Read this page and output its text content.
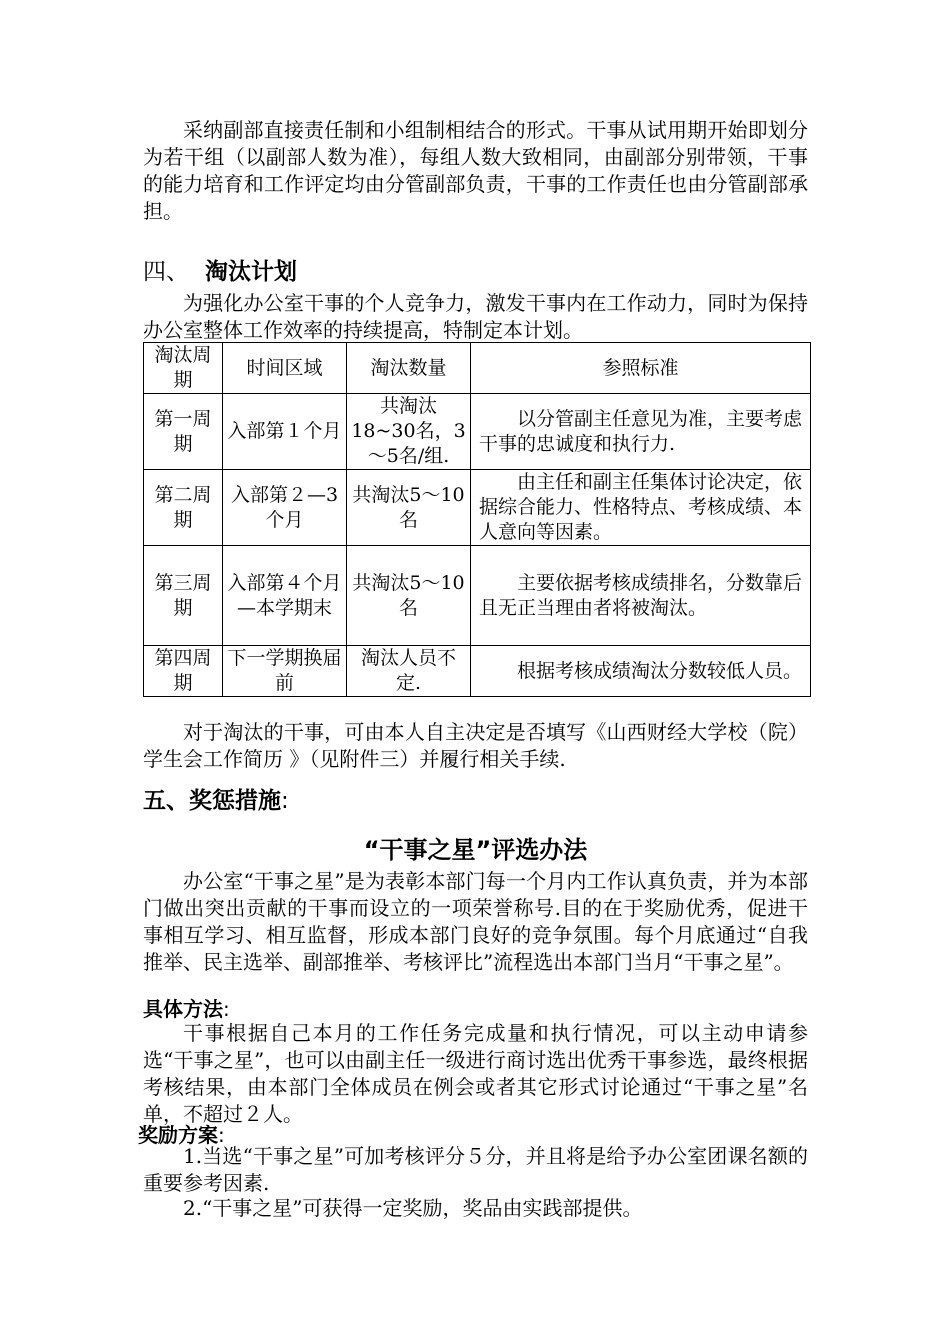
采纳副部直接责任制和小组制相结合的形式。干事从试用期开始即划分为若干组（以副部人数为准），每组人数大致相同，由副部分别带领，干事的能力培育和工作评定均由分管副部负责，干事的工作责任也由分管副部承担。

四、 淘汰计划

为强化办公室干事的个人竞争力，激发干事内在工作动力，同时为保持办公室整体工作效率的持续提高，特制定本计划。

淘汰周期	时间区域	淘汰数量	参照标准
第一周期	入部第１个月	共淘汰18~30名，3～5名/组.	以分管副主任意见为准，主要考虑干事的忠诚度和执行力.
第二周期	入部第２—3个月	共淘汰5～10名	由主任和副主任集体讨论决定，依据综合能力、性格特点、考核成绩、本人意向等因素。
第三周期	入部第４个月—本学期末	共淘汰5～10名	主要依据考核成绩排名，分数靠后且无正当理由者将被淘汰。
第四周期	下一学期换届前	淘汰人员不定.	根据考核成绩淘汰分数较低人员。

对于淘汰的干事，可由本人自主决定是否填写《山西财经大学校（院）学生会工作简历 》（见附件三）并履行相关手续.

五、奖惩措施:
“干事之星”评选办法

办公室“干事之星”是为表彰本部门每一个月内工作认真负责，并为本部门做出突出贡献的干事而设立的一项荣誉称号.目的在于奖励优秀，促进干事相互学习、相互监督，形成本部门良好的竞争氛围。每个月底通过“自我推举、民主选举、副部推举、考核评比”流程选出本部门当月“干事之星”。

具体方法:

干事根据自己本月的工作任务完成量和执行情况，可以主动申请参选“干事之星”，也可以由副主任一级进行商讨选出优秀干事参选，最终根据考核结果，由本部门全体成员在例会或者其它形式讨论通过“干事之星”名单，不超过２人。

奖励方案:

1.当选“干事之星”可加考核评分５分，并且将是给予办公室团课名额的重要参考因素.

2.“干事之星”可获得一定奖励，奖品由实践部提供。
